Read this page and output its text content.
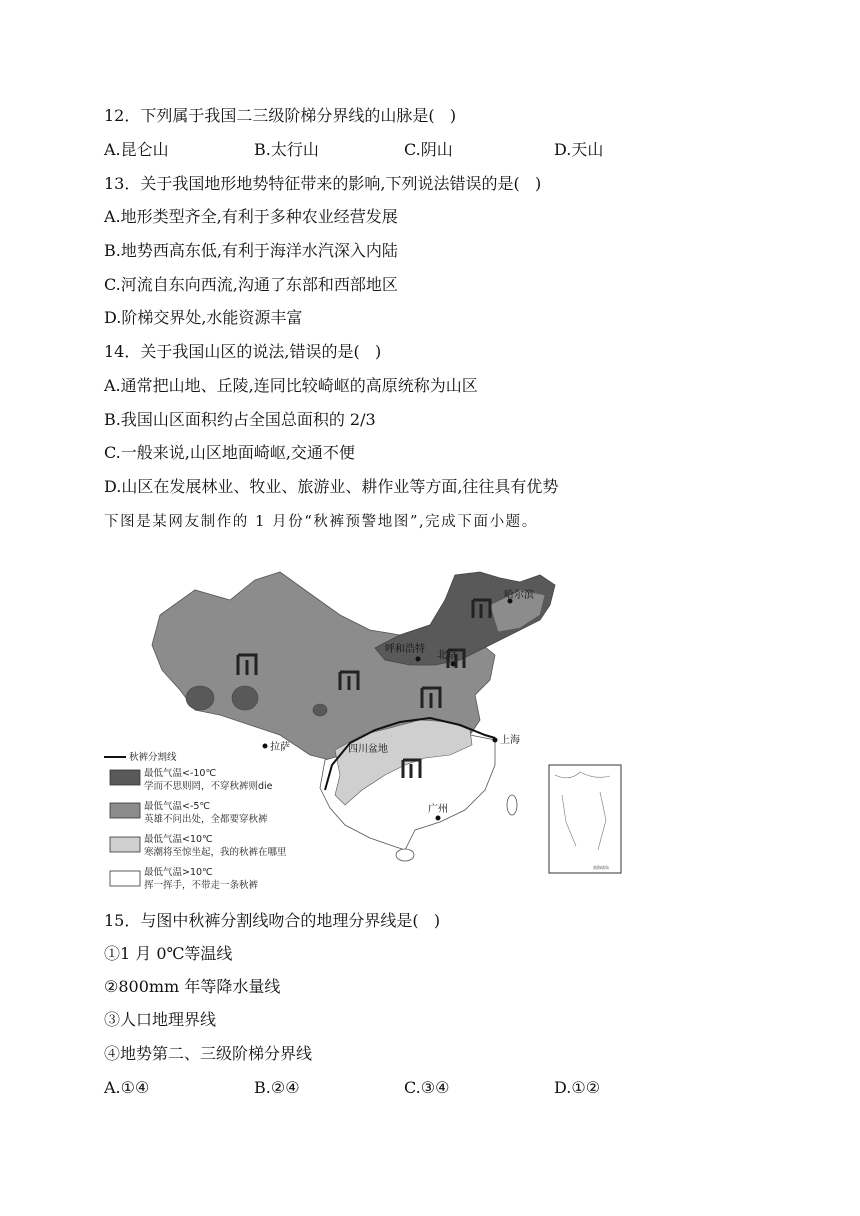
12．下列属于我国二三级阶梯分界线的山脉是(   )
A.昆仑山	B.太行山	C.阴山	D.天山
13．关于我国地形地势特征带来的影响,下列说法错误的是(   )
A.地形类型齐全,有利于多种农业经营发展
B.地势西高东低,有利于海洋水汽深入内陆
C.河流自东向西流,沟通了东部和西部地区
D.阶梯交界处,水能资源丰富
14．关于我国山区的说法,错误的是(   )
A.通常把山地、丘陵,连同比较崎岖的高原统称为山区
B.我国山区面积约占全国总面积的 2/3
C.一般来说,山区地面崎岖,交通不便
D.山区在发展林业、牧业、旅游业、耕作业等方面,往往具有优势
下图是某网友制作的 1 月份“秋裤预警地图”,完成下面小题。
哈尔滨
呼和浩特
北京
拉萨	四川盆地
上海
广州
南海诸岛
秋裤分割线
最低气温<-10℃
学而不思则罔，不穿秋裤则die
最低气温<-5℃
英雄不问出处，全都要穿秋裤
最低气温<10℃
寒潮将至惊坐起，我的秋裤在哪里
最低气温>10℃
挥一挥手，不带走一条秋裤
15．与图中秋裤分割线吻合的地理分界线是(   )
①1 月 0℃等温线
②800mm 年等降水量线
③人口地理界线
④地势第二、三级阶梯分界线
A.①④	B.②④	C.③④	D.①②
